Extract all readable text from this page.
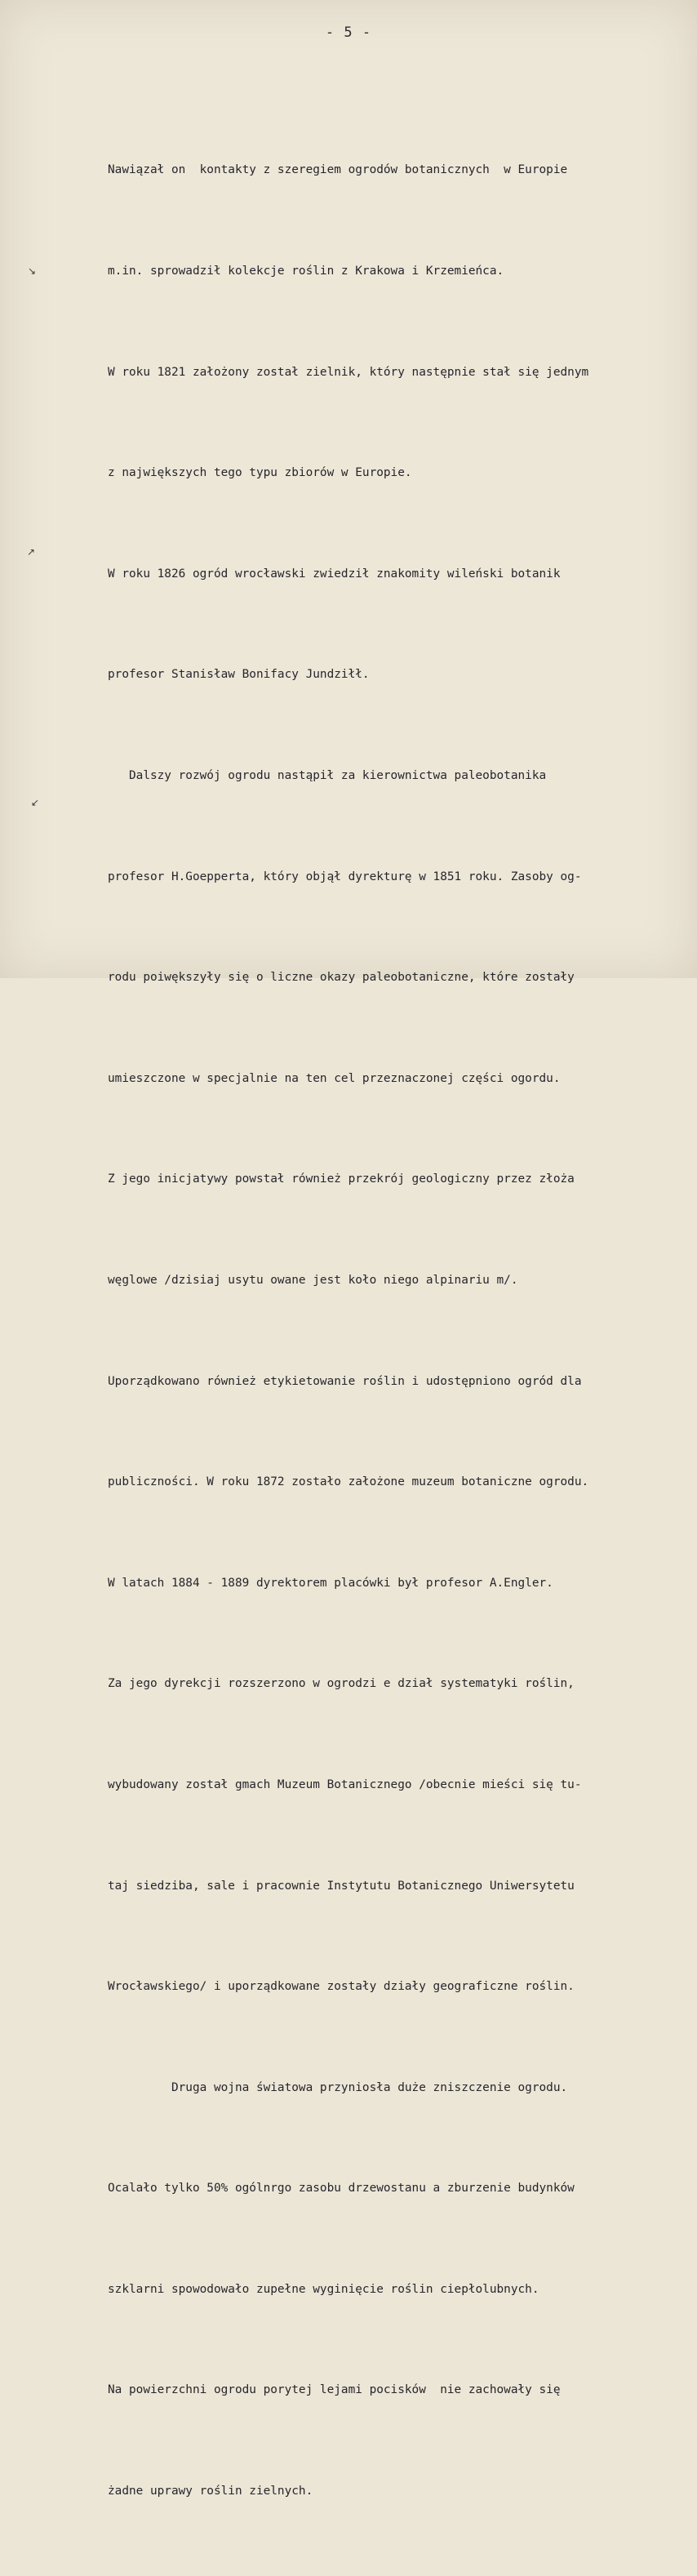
- 5 -
↘
↗
↙

Nawiązał on  kontakty z szeregiem ogrodów botanicznych  w Europie

m.in. sprowadził kolekcje roślin z Krakowa i Krzemieńca.

W roku 1821 założony został zielnik, który następnie stał się jednym

z największych tego typu zbiorów w Europie.

W roku 1826 ogród wrocławski zwiedził znakomity wileński botanik

profesor Stanisław Bonifacy Jundziłł.

Dalszy rozwój ogrodu nastąpił za kierownictwa paleobotanika

profesor H.Goepperta, który objął dyrekturę w 1851 roku. Zasoby og-

rodu poiwększyły się o liczne okazy paleobotaniczne, które zostały

umieszczone w specjalnie na ten cel przeznaczonej części ogordu.

Z jego inicjatywy powstał również przekrój geologiczny przez złoża

węglowe /dzisiaj usytu owane jest koło niego alpinariu m/.

Uporządkowano również etykietowanie roślin i udostępniono ogród dla

publiczności. W roku 1872 zostało założone muzeum botaniczne ogrodu.

W latach 1884 - 1889 dyrektorem placówki był profesor A.Engler.

Za jego dyrekcji rozszerzono w ogrodzi e dział systematyki roślin,

wybudowany został gmach Muzeum Botanicznego /obecnie mieści się tu-

taj siedziba, sale i pracownie Instytutu Botanicznego Uniwersytetu

Wrocławskiego/ i uporządkowane zostały działy geograficzne roślin.

Druga wojna światowa przyniosła duże zniszczenie ogrodu.

Ocalało tylko 50% ogólnrgo zasobu drzewostanu a zburzenie budynków

szklarni spowodowało zupełne wyginięcie roślin ciepłolubnych.

Na powierzchni ogrodu porytej lejami pocisków  nie zachowały się

żadne uprawy roślin zielnych.
